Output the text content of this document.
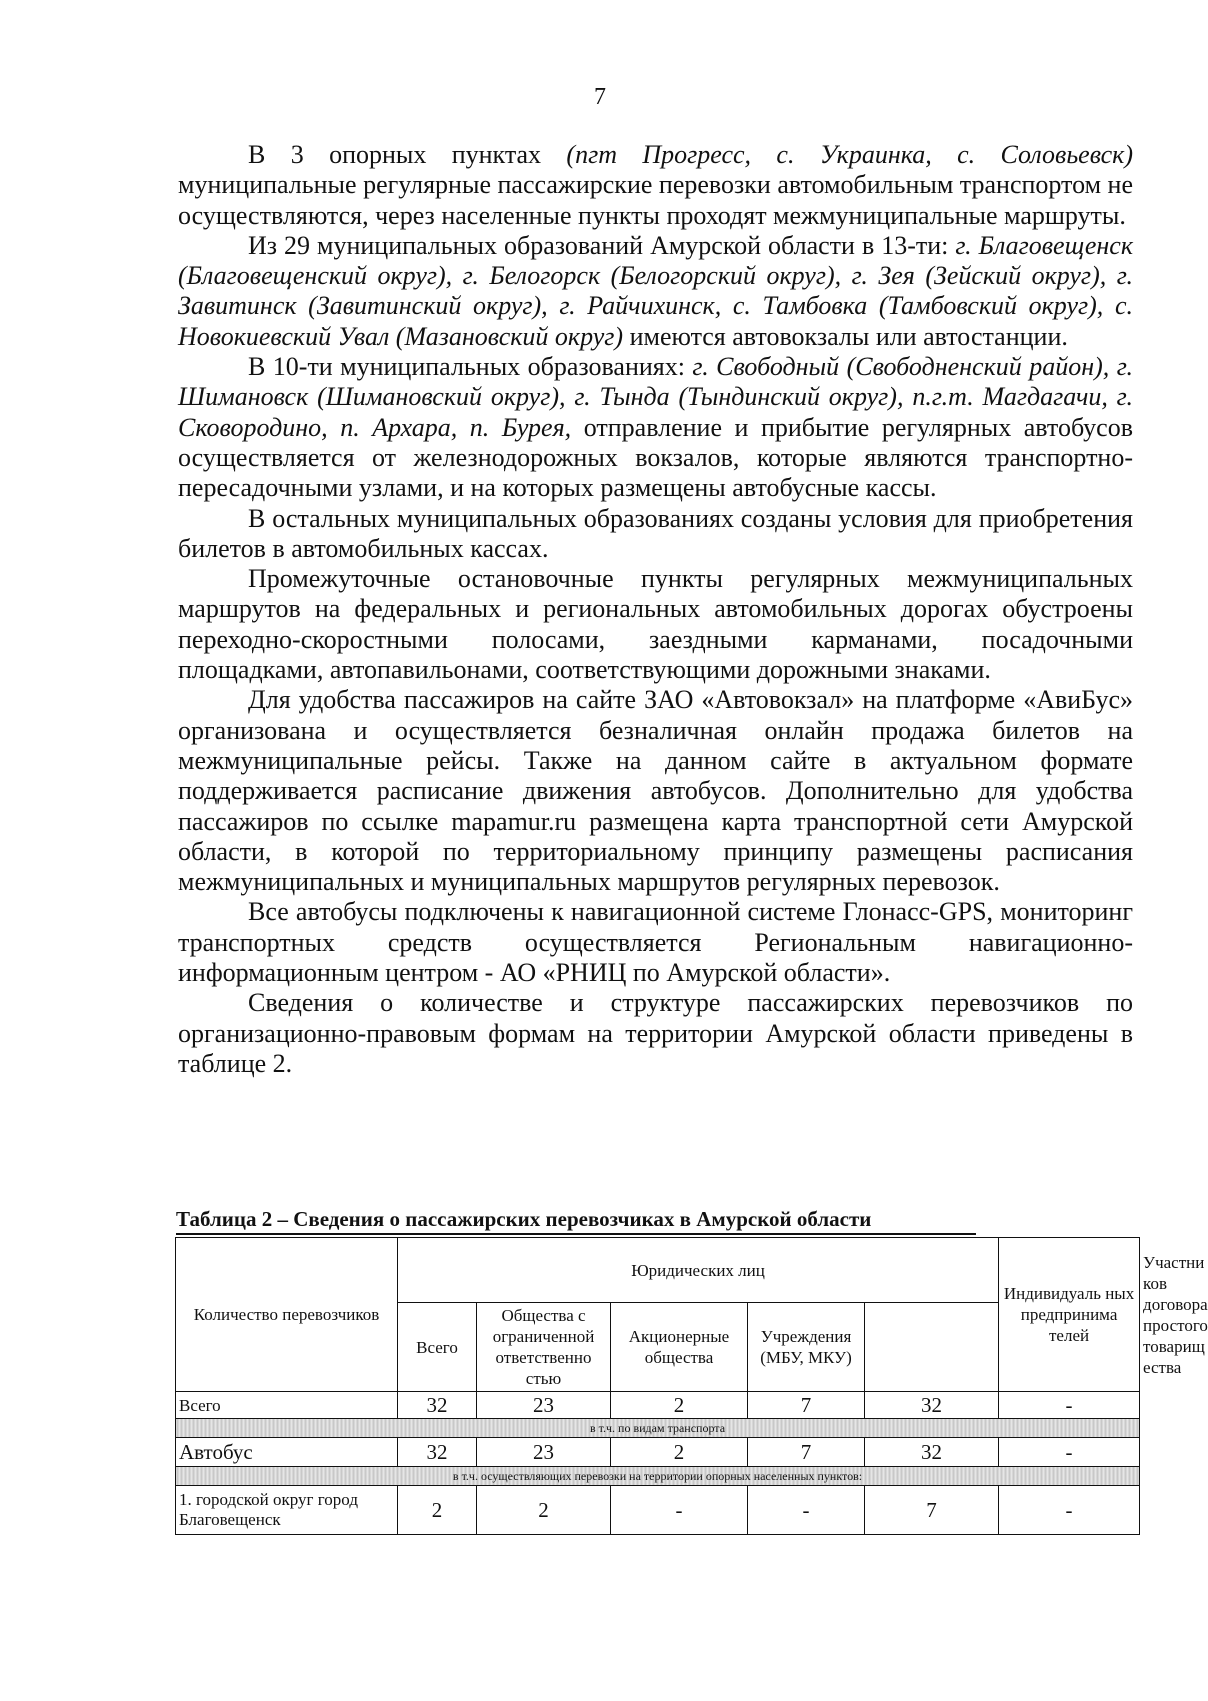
7

В 3 опорных пунктах (пгт Прогресс, с. Украинка, с. Соловьевск) муниципальные регулярные пассажирские перевозки автомобильным транспортом не осуществляются, через населенные пункты проходят межмуниципальные маршруты.

Из 29 муниципальных образований Амурской области в 13-ти: г. Благовещенск (Благовещенский округ), г. Белогорск (Белогорский округ), г. Зея (Зейский округ), г. Завитинск (Завитинский округ), г. Райчихинск, с. Тамбовка (Тамбовский округ), с. Новокиевский Увал (Мазановский округ) имеются автовокзалы или автостанции.

В 10-ти муниципальных образованиях: г. Свободный (Свободненский район), г. Шимановск (Шимановский округ), г. Тында (Тындинский округ), п.г.т. Магдагачи, г. Сковородино, п. Архара, п. Бурея, отправление и прибытие регулярных автобусов осуществляется от железнодорожных вокзалов, которые являются транспортно-пересадочными узлами, и на которых размещены автобусные кассы.

В остальных муниципальных образованиях созданы условия для приобретения билетов в автомобильных кассах.

Промежуточные остановочные пункты регулярных межмуниципальных маршрутов на федеральных и региональных автомобильных дорогах обустроены переходно-скоростными полосами, заездными карманами, посадочными площадками, автопавильонами, соответствующими дорожными знаками.

Для удобства пассажиров на сайте ЗАО «Автовокзал» на платформе «АвиБус» организована и осуществляется безналичная онлайн продажа билетов на межмуниципальные рейсы. Также на данном сайте в актуальном формате поддерживается расписание движения автобусов. Дополнительно для удобства пассажиров по ссылке mapamur.ru размещена карта транспортной сети Амурской области, в которой по территориальному принципу размещены расписания межмуниципальных и муниципальных маршрутов регулярных перевозок.

Все автобусы подключены к навигационной системе Глонасс-GPS, мониторинг транспортных средств осуществляется Региональным навигационно-информационным центром - АО «РНИЦ по Амурской области».

Сведения о количестве и структуре пассажирских перевозчиков по организационно-правовым формам на территории Амурской области приведены в таблице 2.

Таблица 2 – Сведения о пассажирских перевозчиках в Амурской области
Количество перевозчиков	Юридических лиц					Индивидуаль ных предпринима телей	Участни ков договора простого товарищ ества
	Всего	Общества с ограниченной ответственно стью	Акционерные общества	Учреждения (МБУ, МКУ)			
Всего	32	23	2	7	32	-	
в т.ч. по видам транспорта							
Автобус	32	23	2	7	32	-	
в т.ч. осуществляющих перевозки на территории опорных населенных пунктов:							
1. городской округ город Благовещенск	2	2	-	-	7	-	
